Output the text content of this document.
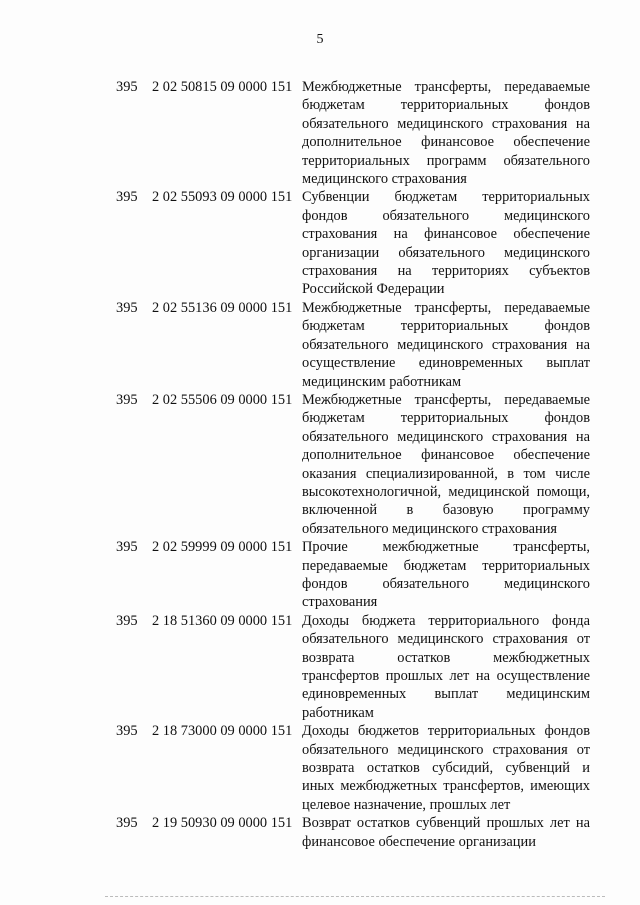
5
395	2 02 50815 09 0000 151 Межбюджетные трансферты, передаваемые бюджетам территориальных фондов обязательного медицинского страхования на дополнительное финансовое обеспечение территориальных программ обязательного медицинского страхования
395	2 02 55093 09 0000 151 Субвенции бюджетам территориальных фондов обязательного медицинского страхования на финансовое обеспечение организации обязательного медицинского страхования на территориях субъектов Российской Федерации
395	2 02 55136 09 0000 151 Межбюджетные трансферты, передаваемые бюджетам территориальных фондов обязательного медицинского страхования на осуществление единовременных выплат медицинским работникам
395	2 02 55506 09 0000 151 Межбюджетные трансферты, передаваемые бюджетам территориальных фондов обязательного медицинского страхования на дополнительное финансовое обеспечение оказания специализированной, в том числе высокотехнологичной, медицинской помощи, включенной в базовую программу обязательного медицинского страхования
395	2 02 59999 09 0000 151 Прочие межбюджетные трансферты, передаваемые бюджетам территориальных фондов обязательного медицинского страхования
395	2 18 51360 09 0000 151 Доходы бюджета территориального фонда обязательного медицинского страхования от возврата остатков межбюджетных трансфертов прошлых лет на осуществление единовременных выплат медицинским работникам
395	2 18 73000 09 0000 151 Доходы бюджетов территориальных фондов обязательного медицинского страхования от возврата остатков субсидий, субвенций и иных межбюджетных трансфертов, имеющих целевое назначение, прошлых лет
395	2 19 50930 09 0000 151 Возврат остатков субвенций прошлых лет на финансовое обеспечение организации
